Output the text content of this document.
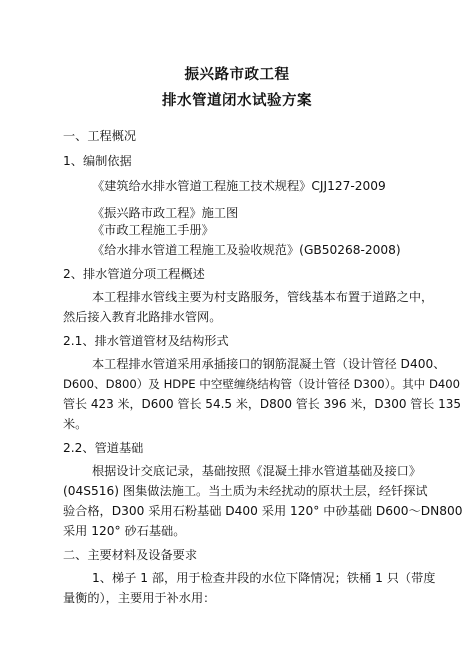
振兴路市政工程
排水管道闭水试验方案
一、工程概况
1、编制依据
《建筑给水排水管道工程施工技术规程》CJJ127-2009
《振兴路市政工程》施工图
《市政工程施工手册》
《给水排水管道工程施工及验收规范》(GB50268-2008)
2、排水管道分项工程概述
本工程排水管线主要为村支路服务，管线基本布置于道路之中，
然后接入教育北路排水管网。
2.1、排水管道管材及结构形式
本工程排水管道采用承插接口的钢筋混凝土管（设计管径 D400、
D600、D800）及 HDPE 中空壁缠绕结构管（设计管径 D300）。其中 D400
管长 423 米，D600 管长 54.5 米，D800 管长 396 米，D300 管长 135
米。
2.2、管道基础
根据设计交底记录，基础按照《混凝土排水管道基础及接口》
(04S516) 图集做法施工。当土质为未经扰动的原状土层，经钎探试
验合格，D300 采用石粉基础 D400 采用 120° 中砂基础 D600～DN800
采用 120° 砂石基础。
二、主要材料及设备要求
1、梯子 1 部，用于检查井段的水位下降情况；铁桶 1 只（带度
量衡的），主要用于补水用：
